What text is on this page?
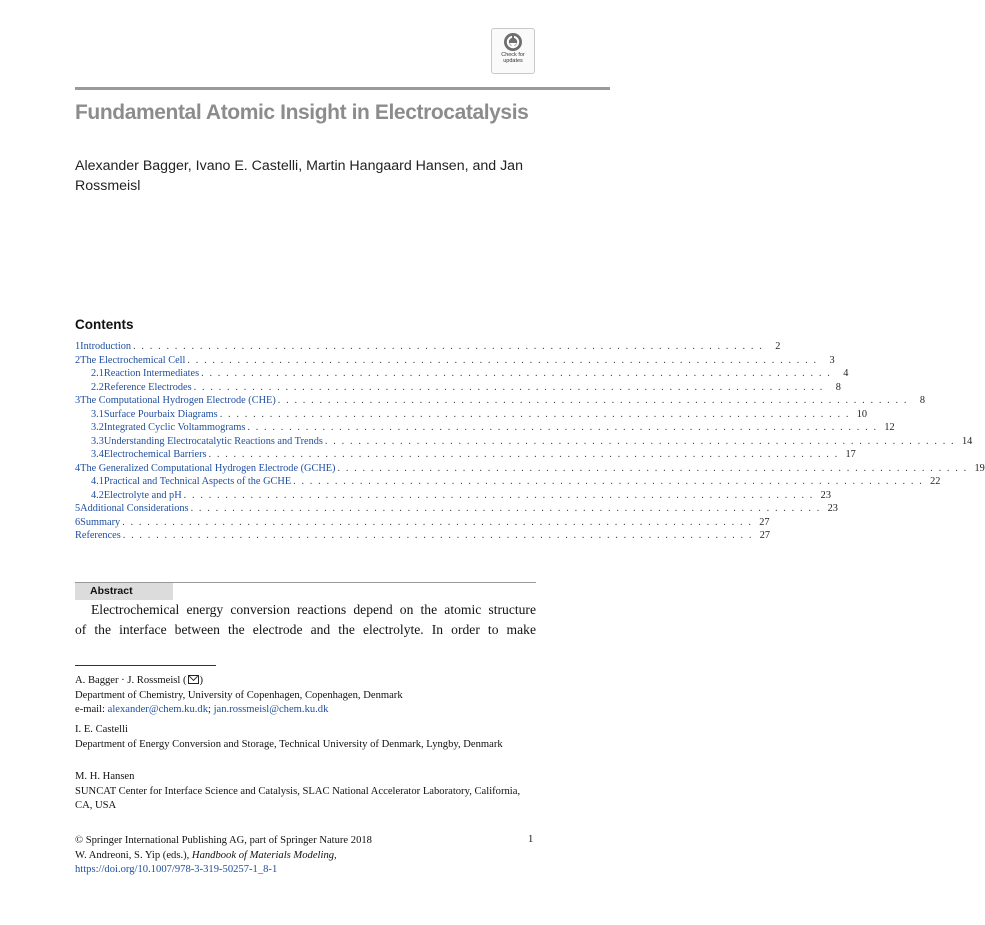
Check for
updates
Fundamental Atomic Insight in Electrocatalysis
Alexander Bagger, Ivano E. Castelli, Martin Hangaard Hansen, and Jan Rossmeisl
Contents
1 Introduction . . . . . . . . . . . . . . . . . . . . . . . . . . . . . . . . . . . . . . . . . . . . . . . . . . . . . . . . . . . . . . . . . . . . . . . . . . . .	2
2 The Electrochemical Cell . . . . . . . . . . . . . . . . . . . . . . . . . . . . . . . . . . . . . . . . . . . . . . . . . . . . . . . . . . . . . . . . . . . . . . . . . . . .	3
2.1 Reaction Intermediates . . . . . . . . . . . . . . . . . . . . . . . . . . . . . . . . . . . . . . . . . . . . . . . . . . . . . . . . . . . . . . . . . . . . . . . . . . . .	4
2.2 Reference Electrodes . . . . . . . . . . . . . . . . . . . . . . . . . . . . . . . . . . . . . . . . . . . . . . . . . . . . . . . . . . . . . . . . . . . . . . . . . . . .	8
3 The Computational Hydrogen Electrode (CHE) . . . . . . . . . . . . . . . . . . . . . . . . . . . . . . . . . . . . . . . . . . . . . . . . . . . . . . . . . . . . . . . . . . . . . . . . . . . .	8
3.1 Surface Pourbaix Diagrams . . . . . . . . . . . . . . . . . . . . . . . . . . . . . . . . . . . . . . . . . . . . . . . . . . . . . . . . . . . . . . . . . . . . . . . . . . . . 10
3.2 Integrated Cyclic Voltammograms . . . . . . . . . . . . . . . . . . . . . . . . . . . . . . . . . . . . . . . . . . . . . . . . . . . . . . . . . . . . . . . . . . . . . . . . . . . . 12
3.3 Understanding Electrocatalytic Reactions and Trends . . . . . . . . . . . . . . . . . . . . . . . . . . . . . . . . . . . . . . . . . . . . . . . . . . . . . . . . . . . . . . . . . . . . . . . . . . . . 14
3.4 Electrochemical Barriers . . . . . . . . . . . . . . . . . . . . . . . . . . . . . . . . . . . . . . . . . . . . . . . . . . . . . . . . . . . . . . . . . . . . . . . . . . . . 17
4 The Generalized Computational Hydrogen Electrode (GCHE) . . . . . . . . . . . . . . . . . . . . . . . . . . . . . . . . . . . . . . . . . . . . . . . . . . . . . . . . . . . . . . . . . . . . . . . . . . . . 19
4.1 Practical and Technical Aspects of the GCHE . . . . . . . . . . . . . . . . . . . . . . . . . . . . . . . . . . . . . . . . . . . . . . . . . . . . . . . . . . . . . . . . . . . . . . . . . . . . 22
4.2 Electrolyte and pH . . . . . . . . . . . . . . . . . . . . . . . . . . . . . . . . . . . . . . . . . . . . . . . . . . . . . . . . . . . . . . . . . . . . . . . . . . . . 23
5 Additional Considerations . . . . . . . . . . . . . . . . . . . . . . . . . . . . . . . . . . . . . . . . . . . . . . . . . . . . . . . . . . . . . . . . . . . . . . . . . . . . 23
6 Summary . . . . . . . . . . . . . . . . . . . . . . . . . . . . . . . . . . . . . . . . . . . . . . . . . . . . . . . . . . . . . . . . . . . . . . . . . . . . 27
References . . . . . . . . . . . . . . . . . . . . . . . . . . . . . . . . . . . . . . . . . . . . . . . . . . . . . . . . . . . . . . . . . . . . . . . . . . . . 27
Abstract
Electrochemical energy conversion reactions depend on the atomic structure
of the interface between the electrode and the electrolyte. In order to make
A. Bagger · J. Rossmeisl ( )
Department of Chemistry, University of Copenhagen, Copenhagen, Denmark
e-mail: alexander@chem.ku.dk; jan.rossmeisl@chem.ku.dk
I. E. Castelli
Department of Energy Conversion and Storage, Technical University of Denmark, Lyngby, Denmark
M. H. Hansen
SUNCAT Center for Interface Science and Catalysis, SLAC National Accelerator Laboratory, California, CA, USA
© Springer International Publishing AG, part of Springer Nature 2018
W. Andreoni, S. Yip (eds.), Handbook of Materials Modeling,
https://doi.org/10.1007/978-3-319-50257-1_8-1
1
